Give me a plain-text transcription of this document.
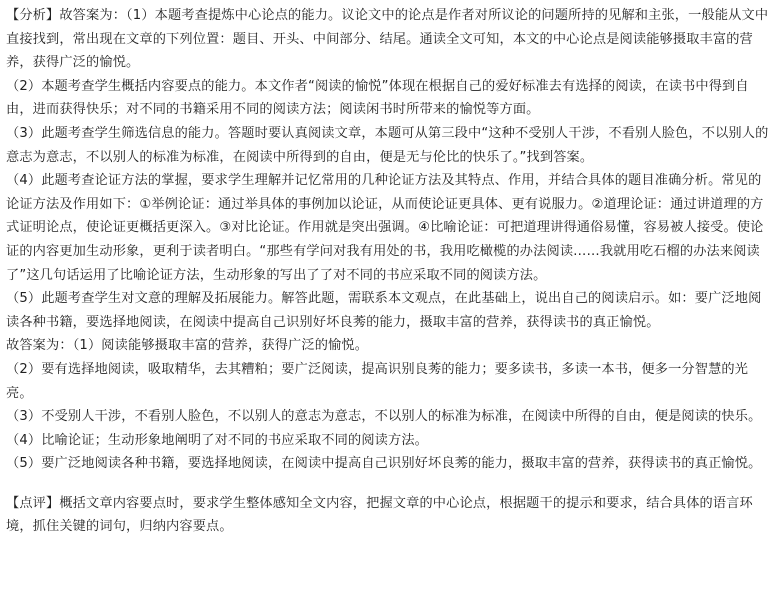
【分析】故答案为：（1）本题考查提炼中心论点的能力。议论文中的论点是作者对所议论的问题所持的见解和主张，一般能从文中直接找到，常出现在文章的下列位置：题目、开头、中间部分、结尾。通读全文可知，本文的中心论点是阅读能够摄取丰富的营养，获得广泛的愉悦。

（2）本题考查学生概括内容要点的能力。本文作者“阅读的愉悦”体现在根据自己的爱好标准去有选择的阅读，在读书中得到自由，进而获得快乐；对不同的书籍采用不同的阅读方法；阅读闲书时所带来的愉悦等方面。

（3）此题考查学生筛选信息的能力。答题时要认真阅读文章，本题可从第三段中“这种不受别人干涉，不看别人脸色，不以别人的意志为意志，不以别人的标准为标准，在阅读中所得到的自由，便是无与伦比的快乐了。”找到答案。

（4）此题考查论证方法的掌握，要求学生理解并记忆常用的几种论证方法及其特点、作用，并结合具体的题目准确分析。常见的论证方法及作用如下：①举例论证：通过举具体的事例加以论证，从而使论证更具体、更有说服力。②道理论证：通过讲道理的方式证明论点，使论证更概括更深入。③对比论证。作用就是突出强调。④比喻论证：可把道理讲得通俗易懂，容易被人接受。使论证的内容更加生动形象，更利于读者明白。“那些有学问对我有用处的书，我用吃橄榄的办法阅读……我就用吃石榴的办法来阅读了”这几句话运用了比喻论证方法，生动形象的写出了了对不同的书应采取不同的阅读方法。

（5）此题考查学生对文意的理解及拓展能力。解答此题，需联系本文观点，在此基础上，说出自己的阅读启示。如：要广泛地阅读各种书籍，要选择地阅读，在阅读中提高自己识别好坏良莠的能力，摄取丰富的营养，获得读书的真正愉悦。

故答案为：（1）阅读能够摄取丰富的营养，获得广泛的愉悦。

（2）要有选择地阅读，吸取精华，去其糟粕；要广泛阅读，提高识别良莠的能力；要多读书，多读一本书，便多一分智慧的光亮。

（3）不受别人干涉，不看别人脸色，不以别人的意志为意志，不以别人的标准为标准，在阅读中所得的自由，便是阅读的快乐。

（4）比喻论证；生动形象地阐明了对不同的书应采取不同的阅读方法。

（5）要广泛地阅读各种书籍，要选择地阅读，在阅读中提高自己识别好坏良莠的能力，摄取丰富的营养，获得读书的真正愉悦。

【点评】概括文章内容要点时，要求学生整体感知全文内容，把握文章的中心论点，根据题干的提示和要求，结合具体的语言环境，抓住关键的词句，归纳内容要点。
